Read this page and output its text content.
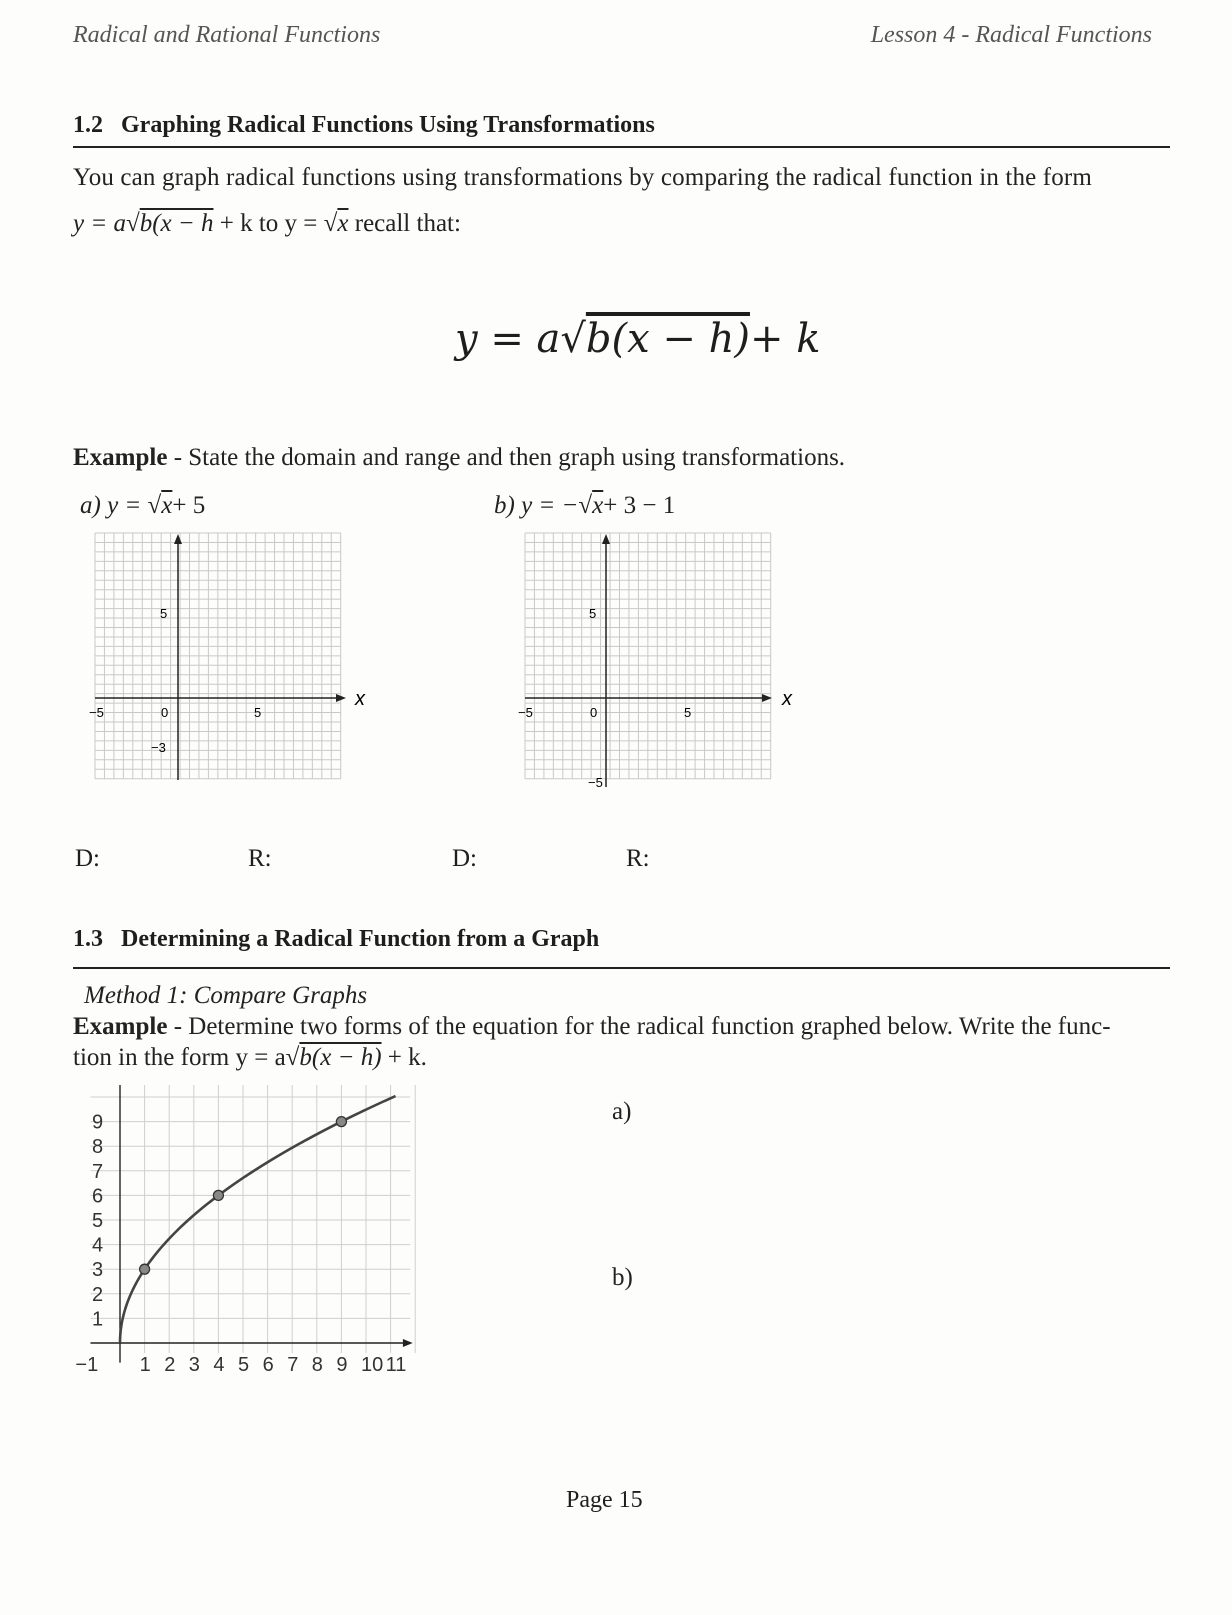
Radical and Rational Functions	Lesson 4 - Radical Functions
1.2 Graphing Radical Functions Using Transformations
You can graph radical functions using transformations by comparing the radical function in the form
y = a√b(x − h + k to y = √x recall that:
y = a√b(x − h)+ k
Example - State the domain and range and then graph using transformations.
a) y = √x+ 5	b) y = −√x+ 3 − 1
x
−5	0	5
5
−3
x
−5	0	5
5
−5
D:	R:	D:	R:
1.3 Determining a Radical Function from a Graph
Method 1: Compare Graphs
Example - Determine two forms of the equation for the radical function graphed below. Write the func-
tion in the form y = a√b(x − h) + k.
−1 1 2 3 4 5 6 7 8 9 10 11
1
2
3
4
5
6
7
8
9	a)
b)
Page 15
